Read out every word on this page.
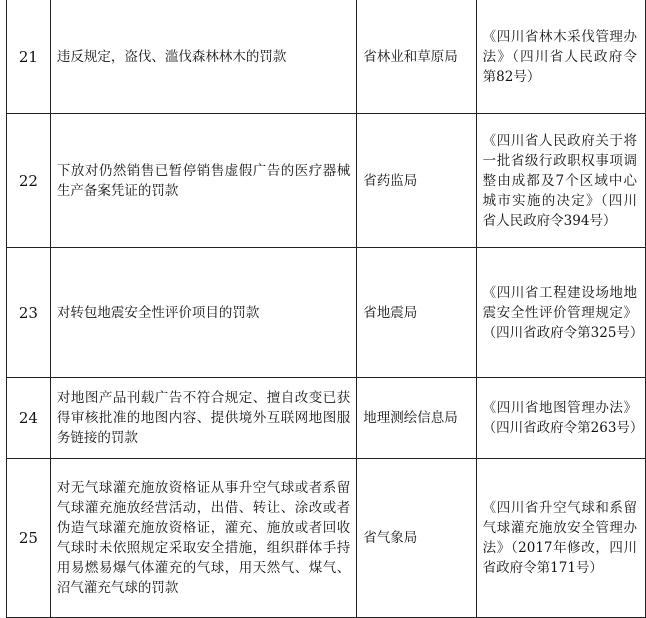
21	违反规定，盗伐、滥伐森林林木的罚款	省林业和草原局	《四川省林木采伐管理办法》（四川省人民政府令第82号）
22	下放对仍然销售已暂停销售虚假广告的医疗器械生产备案凭证的罚款	省药监局	《四川省人民政府关于将一批省级行政职权事项调整由成都及7个区域中心城市实施的决定》（四川省人民政府令394号）
23	对转包地震安全性评价项目的罚款	省地震局	《四川省工程建设场地地震安全性评价管理规定》（四川省政府令第325号）
24	对地图产品刊载广告不符合规定、擅自改变已获得审核批准的地图内容、提供境外互联网地图服务链接的罚款	地理测绘信息局	《四川省地图管理办法》（四川省政府令第263号）
25	对无气球灌充施放资格证从事升空气球或者系留气球灌充施放经营活动，出借、转让、涂改或者伪造气球灌充施放资格证，灌充、施放或者回收气球时未依照规定采取安全措施，组织群体手持用易燃易爆气体灌充的气球，用天然气、煤气、沼气灌充气球的罚款	省气象局	《四川省升空气球和系留气球灌充施放安全管理办法》（2017年修改，四川省政府令第171号）
